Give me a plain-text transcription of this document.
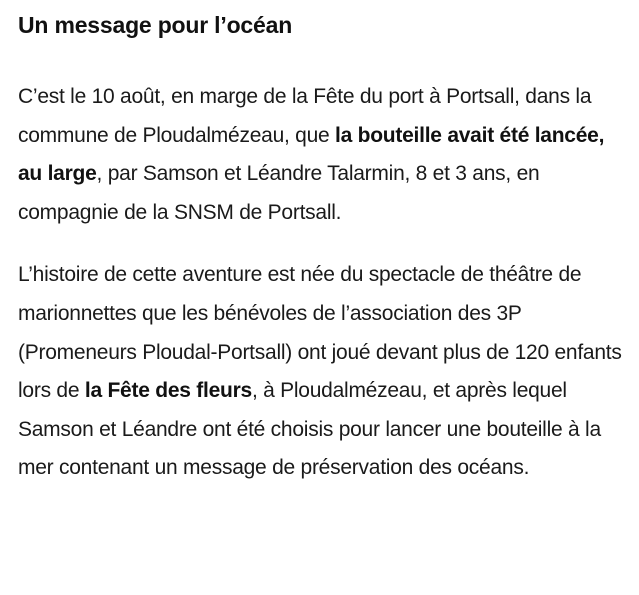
Un message pour l’océan

C’est le 10 août, en marge de la Fête du port à Portsall, dans la commune de Ploudalmézeau, que la bouteille avait été lancée, au large, par Samson et Léandre Talarmin, 8 et 3 ans, en compagnie de la SNSM de Portsall.

L’histoire de cette aventure est née du spectacle de théâtre de marionnettes que les bénévoles de l’association des 3P (Promeneurs Ploudal-Portsall) ont joué devant plus de 120 enfants lors de la Fête des fleurs, à Ploudalmézeau, et après lequel Samson et Léandre ont été choisis pour lancer une bouteille à la mer contenant un message de préservation des océans.
